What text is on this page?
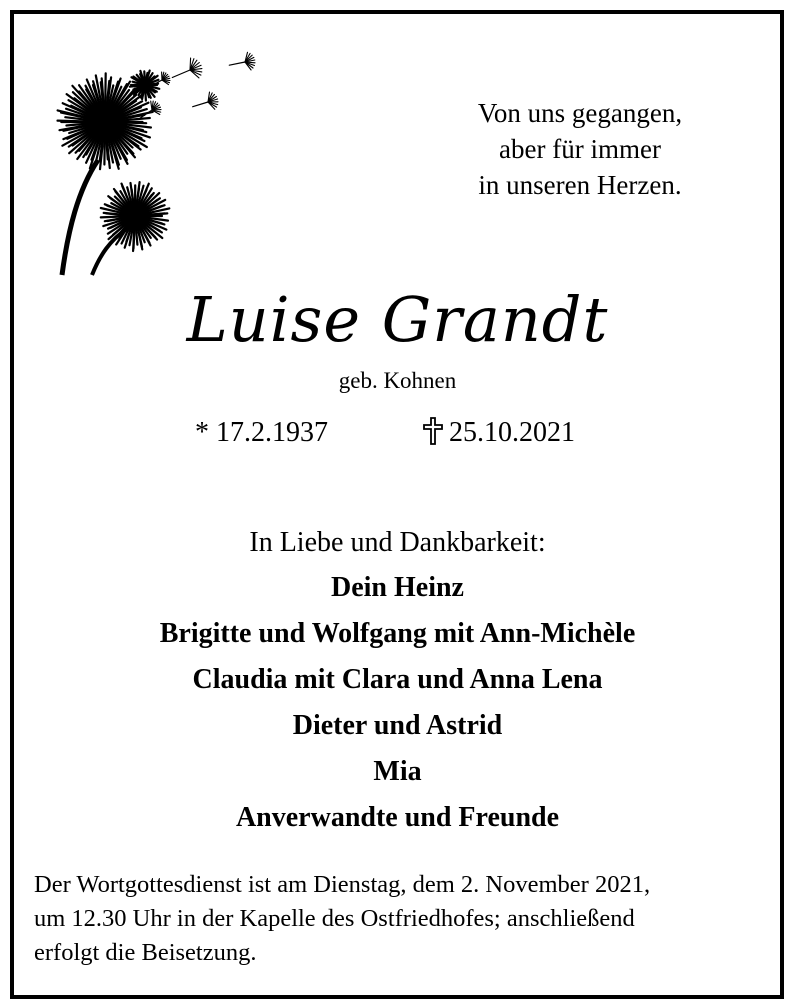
Von uns gegangen,
aber für immer
in unseren Herzen.
Luise Grandt
geb. Kohnen
* 17.2.1937	25.10.2021
In Liebe und Dankbarkeit:
Dein Heinz
Brigitte und Wolfgang mit Ann-Michèle
Claudia mit Clara und Anna Lena
Dieter und Astrid
Mia
Anverwandte und Freunde
Der Wortgottesdienst ist am Dienstag, dem 2. November 2021,
um 12.30 Uhr in der Kapelle des Ostfriedhofes; anschließend
erfolgt die Beisetzung.
